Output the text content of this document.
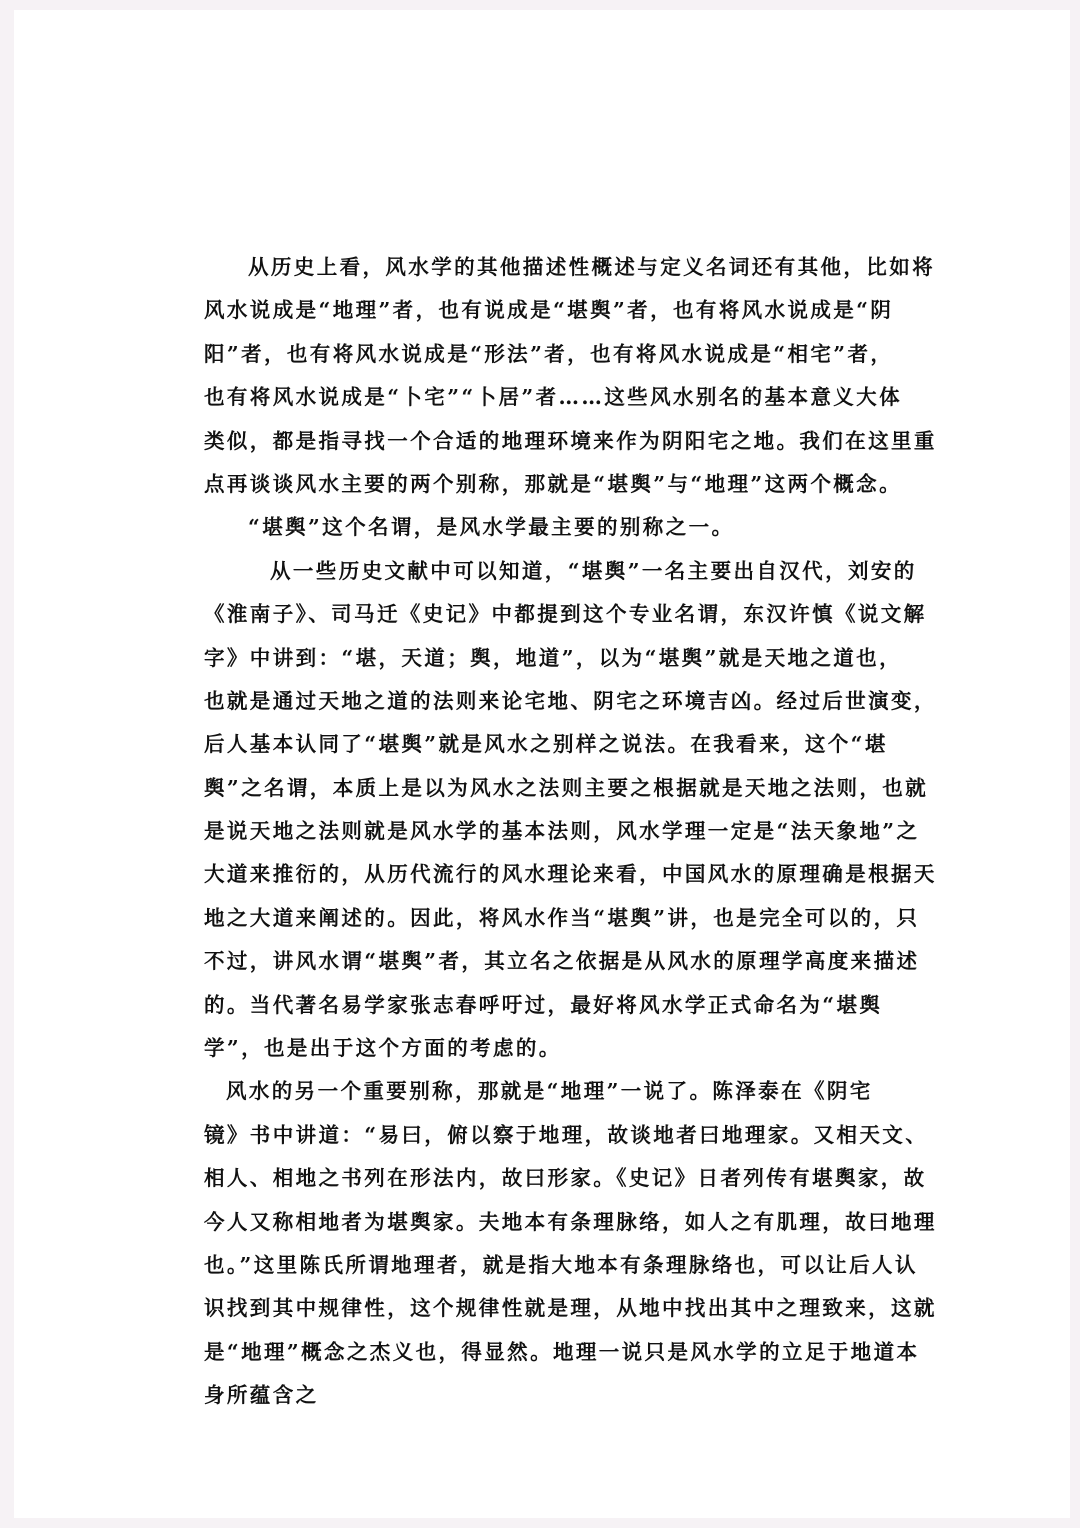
从历史上看，风水学的其他描述性概述与定义名词还有其他，比如将
风水说成是“地理”者，也有说成是“堪舆”者，也有将风水说成是“阴
阳”者，也有将风水说成是“形法”者，也有将风水说成是“相宅”者，
也有将风水说成是“卜宅”“卜居”者……这些风水别名的基本意义大体
类似，都是指寻找一个合适的地理环境来作为阴阳宅之地。我们在这里重
点再谈谈风水主要的两个别称，那就是“堪舆”与“地理”这两个概念。
“堪舆”这个名谓，是风水学最主要的别称之一。
从一些历史文献中可以知道，“堪舆”一名主要出自汉代，刘安的
《淮南子》、司马迁《史记》中都提到这个专业名谓，东汉许慎《说文解
字》中讲到：“堪，天道；舆，地道”，以为“堪舆”就是天地之道也，
也就是通过天地之道的法则来论宅地、阴宅之环境吉凶。经过后世演变，
后人基本认同了“堪舆”就是风水之别样之说法。在我看来，这个“堪
舆”之名谓，本质上是以为风水之法则主要之根据就是天地之法则，也就
是说天地之法则就是风水学的基本法则，风水学理一定是“法天象地”之
大道来推衍的，从历代流行的风水理论来看，中国风水的原理确是根据天
地之大道来阐述的。因此，将风水作当“堪舆”讲，也是完全可以的，只
不过，讲风水谓“堪舆”者，其立名之依据是从风水的原理学高度来描述
的。当代著名易学家张志春呼吁过，最好将风水学正式命名为“堪舆
学”，也是出于这个方面的考虑的。
风水的另一个重要别称，那就是“地理”一说了。陈泽泰在《阴宅
镜》书中讲道：“易曰，俯以察于地理，故谈地者曰地理家。又相天文、
相人、相地之书列在形法内，故曰形家。《史记》日者列传有堪舆家，故
今人又称相地者为堪舆家。夫地本有条理脉络，如人之有肌理，故曰地理
也。”这里陈氏所谓地理者，就是指大地本有条理脉络也，可以让后人认
识找到其中规律性，这个规律性就是理，从地中找出其中之理致来，这就
是“地理”概念之杰义也，得显然。地理一说只是风水学的立足于地道本
身所蕴含之
